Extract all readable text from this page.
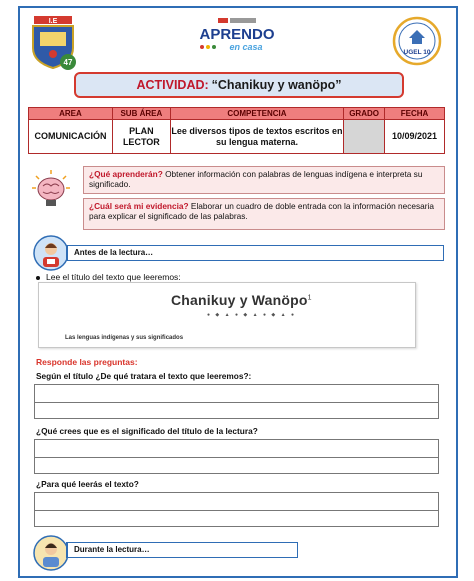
I.E
47
APRENDO
en casa
UGEL 10
ACTIVIDAD: “Chanikuy y wanöpo”
AREA	SUB ÁREA	COMPETENCIA	GRADO	FECHA
COMUNICACIÓN	PLAN LECTOR	Lee diversos tipos de textos escritos en su lengua materna.		10/09/2021
¿Qué aprenderán? Obtener información con palabras de lenguas indígena e interpreta su significado.
¿Cuál será mi evidencia? Elaborar un cuadro de doble entrada con la información necesaria para explicar el significado de las palabras.
Antes de la lectura…
Lee el título del texto que leeremos:
Chanikuy y Wanöpo$^1$
● ◆ ▲ ● ◆ ▲ ● ◆ ▲ ●
Las lenguas indígenas y sus significados
Responde las preguntas:
Según el título ¿De qué tratara el texto que leeremos?:
¿Qué crees que es el significado del título de la lectura?
¿Para qué leerás el texto?
Durante la lectura…
